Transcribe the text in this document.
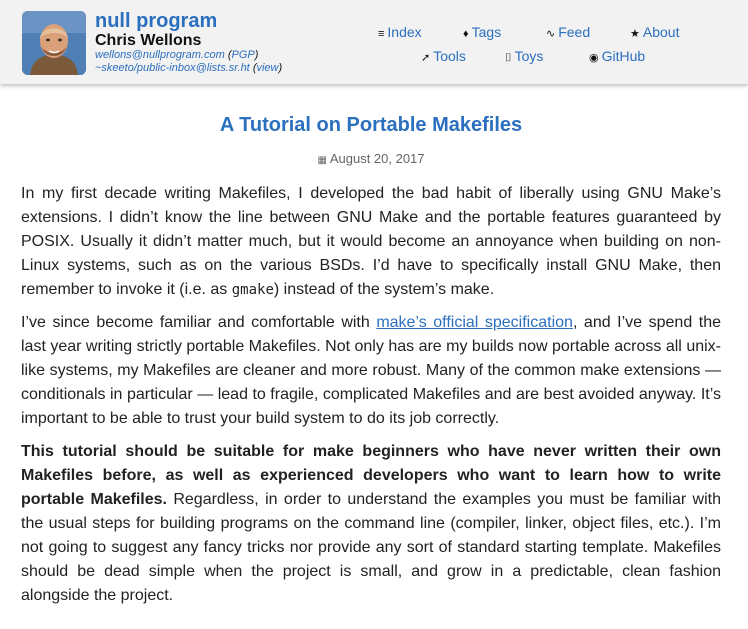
null program
Chris Wellons
wellons@nullprogram.com (PGP)
~skeeto/public-inbox@lists.sr.ht (view)
≡ Index	♦ Tags	∿ Feed	★ About
➚ Tools	⌷ Toys	◉ GitHub
A Tutorial on Portable Makefiles
▦ August 20, 2017

In my first decade writing Makefiles, I developed the bad habit of liberally using GNU Make’s extensions. I didn’t know the line between GNU Make and the portable features guaranteed by POSIX. Usually it didn’t matter much, but it would become an annoyance when building on non-Linux systems, such as on the various BSDs. I’d have to specifically install GNU Make, then remember to invoke it (i.e. as gmake) instead of the system’s make.

I’ve since become familiar and comfortable with make’s official specification, and I’ve spend the last year writing strictly portable Makefiles. Not only has are my builds now portable across all unix-like systems, my Makefiles are cleaner and more robust. Many of the common make extensions — conditionals in particular — lead to fragile, complicated Makefiles and are best avoided anyway. It’s important to be able to trust your build system to do its job correctly.

This tutorial should be suitable for make beginners who have never written their own Makefiles before, as well as experienced developers who want to learn how to write portable Makefiles. Regardless, in order to understand the examples you must be familiar with the usual steps for building programs on the command line (compiler, linker, object files, etc.). I’m not going to suggest any fancy tricks nor provide any sort of standard starting template. Makefiles should be dead simple when the project is small, and grow in a predictable, clean fashion alongside the project.
